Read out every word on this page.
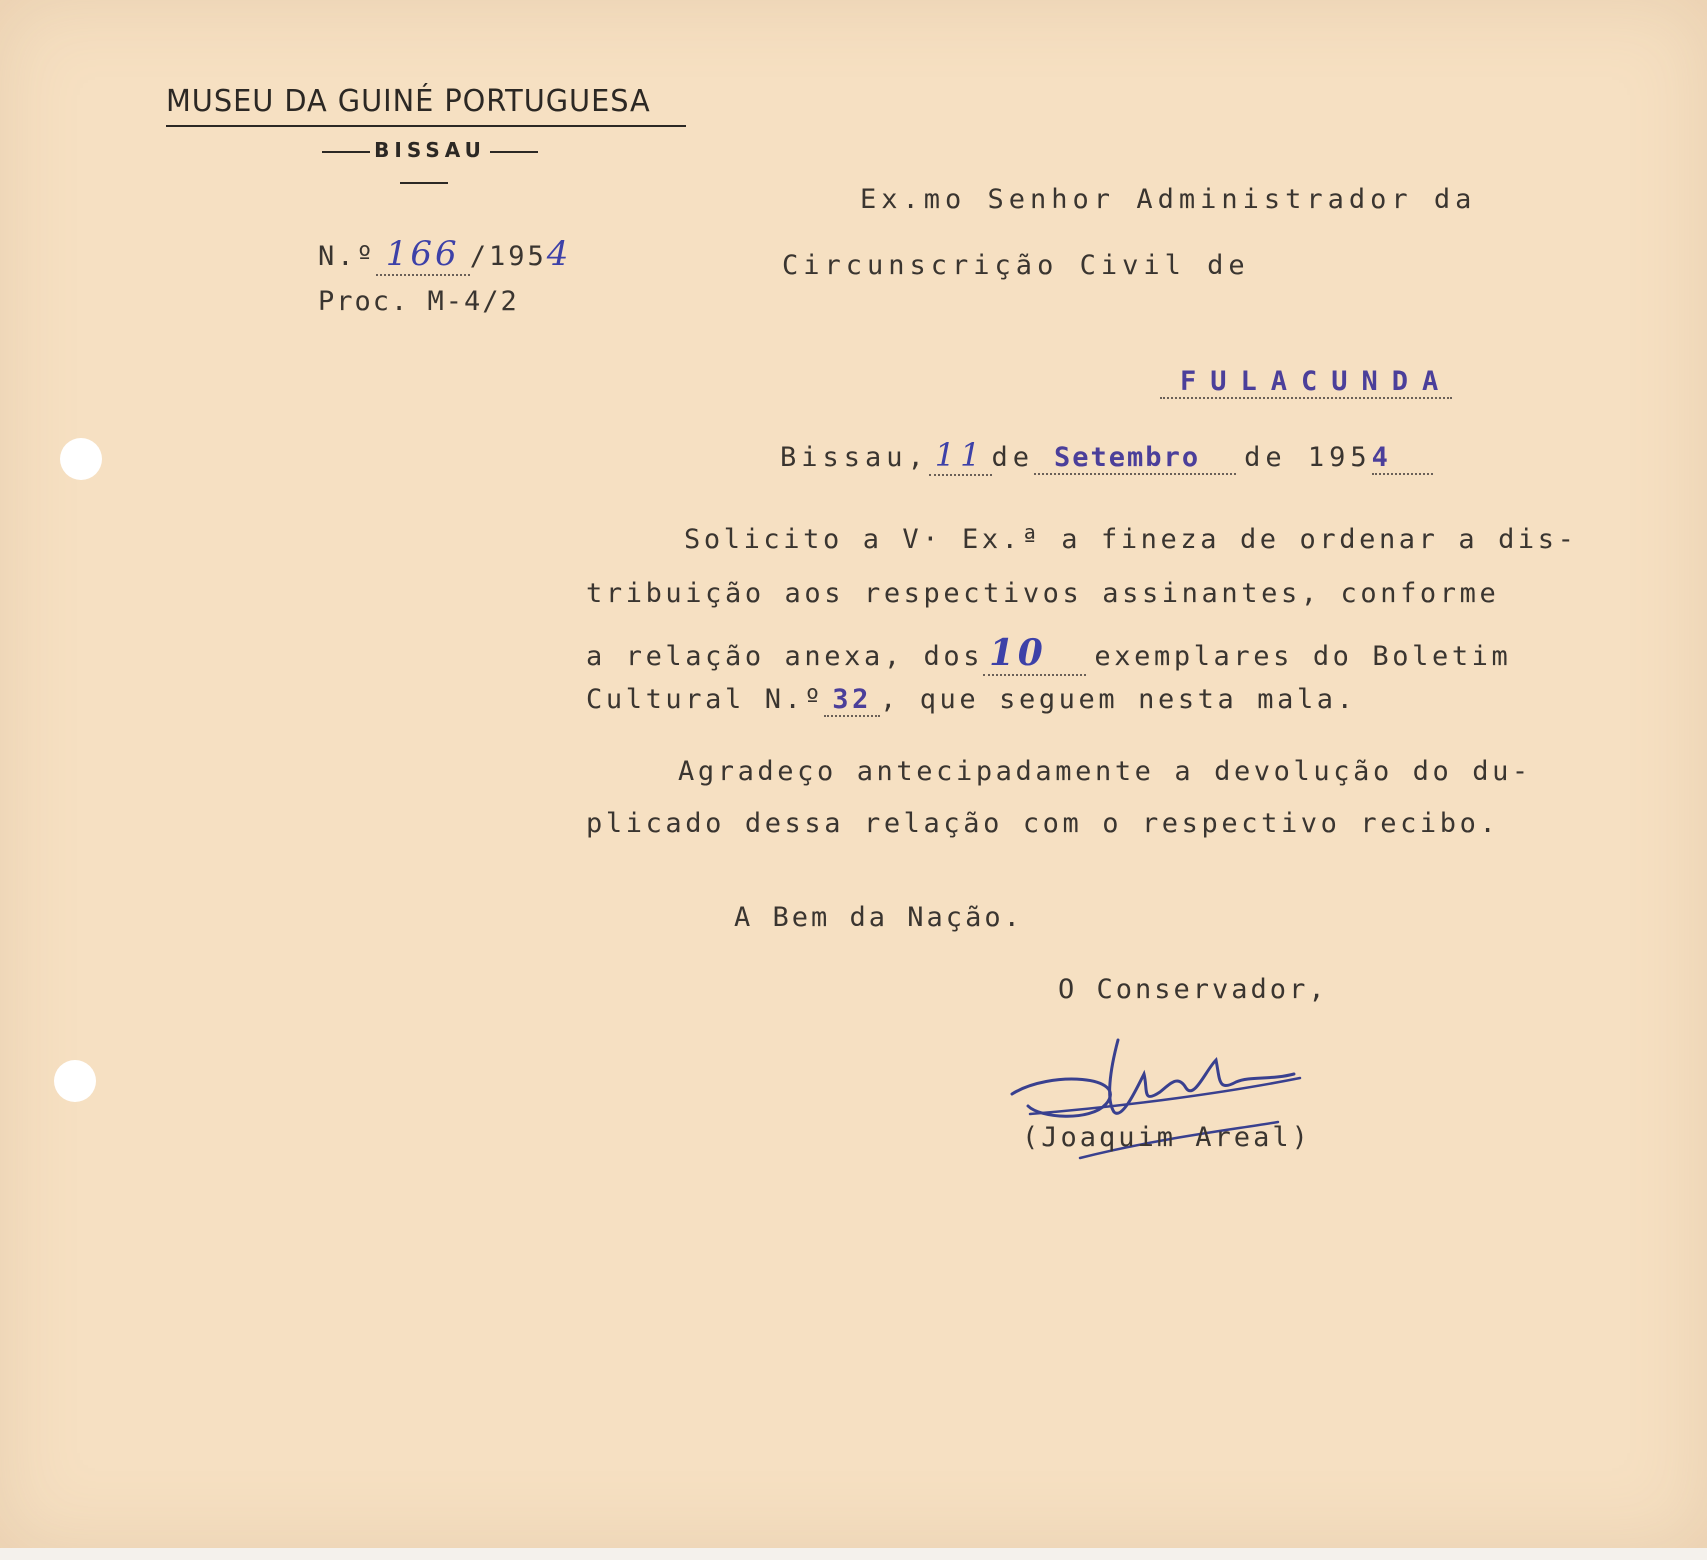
MUSEU DA GUINÉ PORTUGUESA
BISSAU
N.º 166 /1954
Proc. M-4/2
Ex.mo Senhor Administrador da
Circunscrição Civil de
FULACUNDA
Bissau, 11 de Setembro de 1954
Solicito a V· Ex.ª a fineza de ordenar a dis-
tribuição aos respectivos assinantes, conforme
a relação anexa, dos 10 exemplares do Boletim
Cultural N.º 32 , que seguem nesta mala.
Agradeço antecipadamente a devolução do du-
plicado dessa relação com o respectivo recibo.
A Bem da Nação.
O Conservador,
(Joaquim Areal)
